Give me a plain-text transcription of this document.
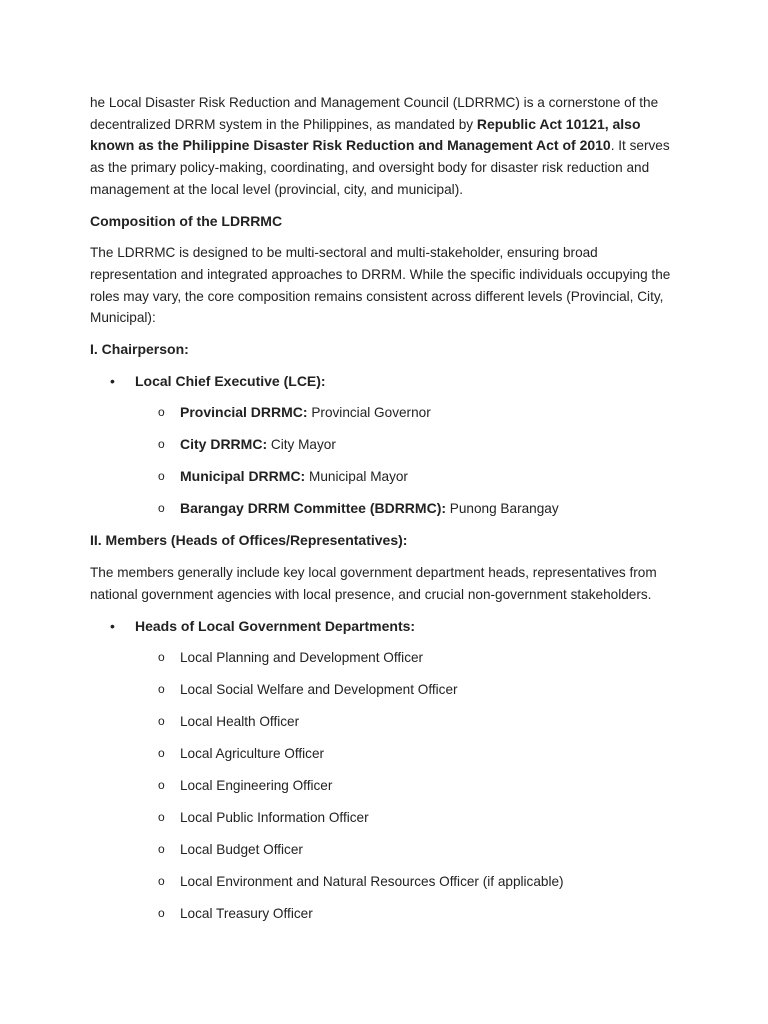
he Local Disaster Risk Reduction and Management Council (LDRRMC) is a cornerstone of the decentralized DRRM system in the Philippines, as mandated by Republic Act 10121, also known as the Philippine Disaster Risk Reduction and Management Act of 2010. It serves as the primary policy-making, coordinating, and oversight body for disaster risk reduction and management at the local level (provincial, city, and municipal).

Composition of the LDRRMC

The LDRRMC is designed to be multi-sectoral and multi-stakeholder, ensuring broad representation and integrated approaches to DRRM. While the specific individuals occupying the roles may vary, the core composition remains consistent across different levels (Provincial, City, Municipal):

I. Chairperson:

• Local Chief Executive (LCE):
o Provincial DRRMC: Provincial Governor
o City DRRMC: City Mayor
o Municipal DRRMC: Municipal Mayor
o Barangay DRRM Committee (BDRRMC): Punong Barangay

II. Members (Heads of Offices/Representatives):

The members generally include key local government department heads, representatives from national government agencies with local presence, and crucial non-government stakeholders.

• Heads of Local Government Departments:
o Local Planning and Development Officer
o Local Social Welfare and Development Officer
o Local Health Officer
o Local Agriculture Officer
o Local Engineering Officer
o Local Public Information Officer
o Local Budget Officer
o Local Environment and Natural Resources Officer (if applicable)
o Local Treasury Officer
